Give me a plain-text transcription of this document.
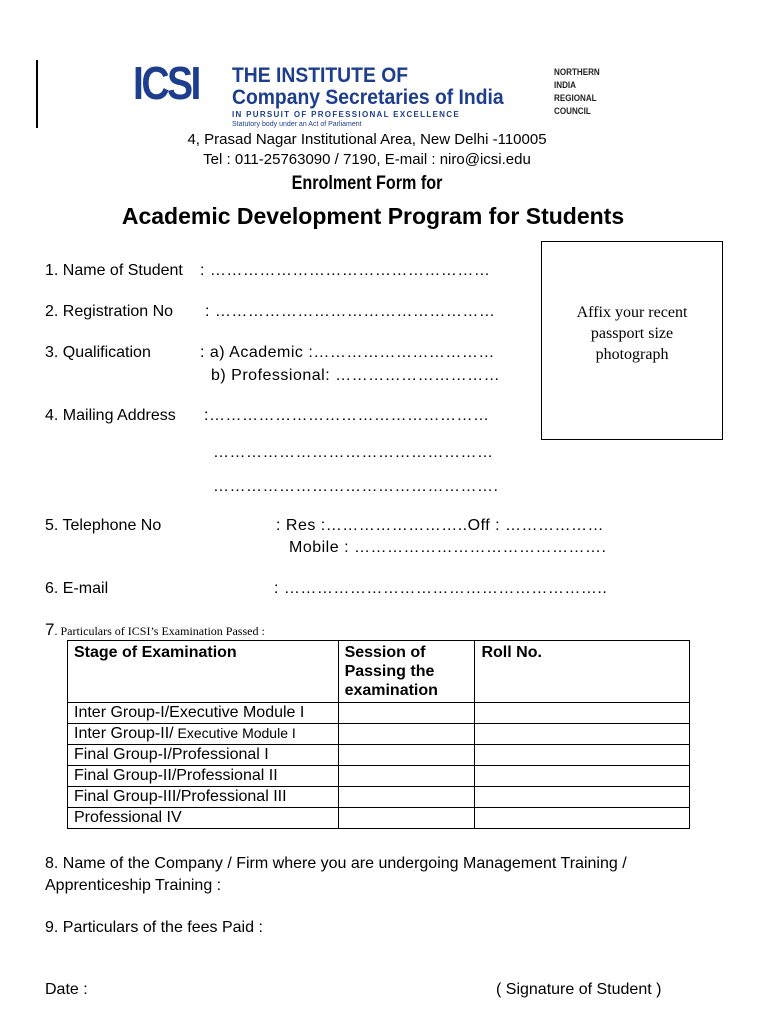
ICSI THE INSTITUTE OF
Company Secretaries of India
IN PURSUIT OF PROFESSIONAL EXCELLENCE
Statutory body under an Act of Parliament
NORTHERN
INDIA
REGIONAL
COUNCIL
4, Prasad Nagar Institutional Area, New Delhi -110005
Tel : 011-25763090 / 7190, E-mail : niro@icsi.edu
Enrolment Form for
Academic Development Program for Students
Affix your recent
passport size
photograph
1. Name of Student : ……………………………………………
2. Registration No : ……………………………………………
3. Qualification	: a) Academic :……………………………
b) Professional: …………………………
4. Mailing Address :……………………………………………
……………………………………………
…………………………………………….
5. Telephone No	: Res :……………………..Off : ………………
Mobile : ……………………………………….
6. E-mail	: …………………………………………………..
7. Particulars of ICSI’s Examination Passed :
Stage of Examination	Session of
Passing the
examination	Roll No.
Inter Group-I/Executive Module I		
Inter Group-II/ Executive Module I		
Final Group-I/Professional I		
Final Group-II/Professional II		
Final Group-III/Professional III		
Professional IV		
8. Name of the Company / Firm where you are undergoing Management Training /
Apprenticeship Training :
9. Particulars of the fees Paid :
Date :	( Signature of Student )
